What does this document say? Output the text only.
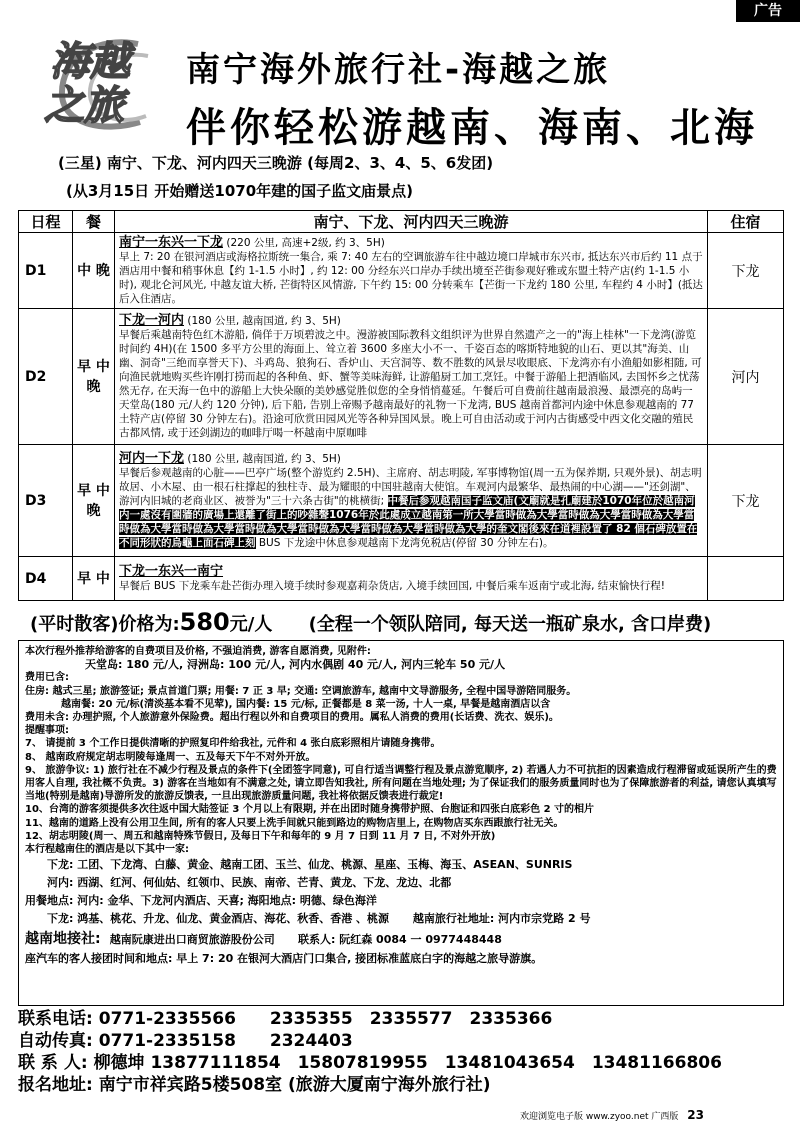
广告
海越
之旅
南宁海外旅行社-海越之旅
伴你轻松游越南、海南、北海
(三星) 南宁、下龙、河内四天三晚游 (每周2、3、4、5、6发团)
(从3月15日 开始赠送1070年建的国子监文庙景点)
日程	餐	南宁、下龙、河内四天三晚游	住宿
D1	中 晚	南宁一东兴一下龙 (220 公里, 高速+2级, 约 3、5H)
早上 7: 20 在银河酒店或海格拉斯统一集合, 乘 7: 40 左右的空调旅游车往中越边境口岸城市东兴市, 抵达东兴市后约 11 点于酒店用中餐和稍事休息【约 1-1.5 小时】, 约 12: 00 分经东兴口岸办手续出境至芒街参观好雅或东盟土特产店(约 1-1.5 小时), 观北仑河风光, 中越友谊大桥, 芒街特区风情游, 下午约 15: 00 分转乘车【芒街一下龙约 180 公里, 车程约 4 小时】(抵达后入住酒店。	下龙
D2	早 中 晚	下龙一河内 (180 公里, 越南国道, 约 3、5H)
早餐后乘越南特色红木游船, 倘佯于万顷碧波之中。漫游被国际教科文组织评为世界自然遗产之一的"海上桂林"一下龙湾(游览时间约 4H)(在 1500 多平方公里的海面上、耸立着 3600 多座大小不一、千姿百态的喀斯特地貌的山石、更以其"海美、山幽、洞奇"三绝而享誉天下)、斗鸡岛、狼狗石、香炉山、天宫洞等、数不胜数的风景尽收眼底、下龙湾亦有小渔船如影相随, 可向渔民就地购买些许刚打捞而起的各种鱼、虾、蟹等美味海鲜, 让游船厨工加工烹饪。中餐于游船上把酒临风, 去国怀乡之忧荡然无存, 在天海一色中的游船上大快朵颐的美妙感觉胜似您的全身悄悄蔓延。午餐后可自费前往越南最浪漫、最漂亮的岛屿一天堂岛(180 元/人约 120 分钟), 后下船, 告别上帝赐予越南最好的礼物一下龙湾, BUS 越南首都河内途中休息参观越南的 77 土特产店(停留 30 分钟左右)。沿途可欣赏田园风光等各种异国风景。晚上可自由活动或于河内古街感受中西文化交融的殖民古都风情, 或于还剑湖边的咖啡厅喝一杯越南中原咖啡	河内
D3	早 中 晚	河内一下龙 (180 公里, 越南国道, 约 3、5H)
早餐后参观越南的心脏——巴亭广场(整个游览约 2.5H)、主席府、胡志明陵, 军事博物馆(周一五为保养期, 只观外景)、胡志明故居、小木屋、由一根石柱撑起的独柱寺、最为耀眼的中国驻越南大使馆。车观河内最繁华、最热闹的中心湖——"还剑湖"、游河内旧城的老商业区、被誉为"三十六条古街"的桃横街; 中餐后参观越南国子监文庙(文廟就是孔廟建於1070年位於越南河内一處沒有圍牆的廣場上還離了街上的吵雜聲1076年於此處成立越南第一所大學當時做為大學當時做為大學當時做為大學當時做為大學當時做為大學當時做為大學當時做為大學當時做為大學當時做為大學的奎文閣後來在道裡設置了 82 個石碑放置在不同形狀的烏龜上面石碑上刻 BUS 下龙途中休息参观越南下龙湾免税店(停留 30 分钟左右)。	下龙
D4	早 中	下龙一东兴一南宁
早餐后 BUS 下龙乘车赴芒街办理入境手续时参观嘉莉杂货店, 入境手续回国, 中餐后乘车返南宁或北海, 结束愉快行程!	
(平时散客)价格为:580元/人 (全程一个领队陪同, 每天送一瓶矿泉水, 含口岸费)
本次行程外推荐给游客的自费项目及价格, 不强迫消费, 游客自愿消费, 见附件:
天堂岛: 180 元/人, 浔洲岛: 100 元/人, 河内水偶剧 40 元/人, 河内三轮车 50 元/人
费用已含:
住房: 越式三星; 旅游签证; 景点首道门票; 用餐: 7 正 3 早; 交通: 空调旅游车, 越南中文导游服务, 全程中国导游陪同服务。
越南餐: 20 元/标(清淡基本看不见荤), 国内餐: 15 元/标, 正餐都是 8 菜一汤, 十人一桌, 早餐是越南酒店以含
费用未含: 办理护照, 个人旅游意外保险费。超出行程以外和自费项目的费用。属私人消费的费用(长话费、洗衣、娱乐)。
提醒事项:
7、 请提前 3 个工作日提供清晰的护照复印件给我社, 元件和 4 张白底彩照相片请随身携带。
8、 越南政府规定胡志明陵每逢周一、五及每天下午不对外开放。
9、 旅游争议: 1) 旅行社在不减少行程及景点的条件下(全团签字同意), 可自行适当调整行程及景点游览顺序, 2) 若遇人力不可抗拒的因素造成行程滞留或延误所产生的费用客人自理, 我社概不负责。3) 游客在当地如有不满意之处, 请立即告知我社, 所有问题在当地处理; 为了保证我们的服务质量同时也为了保障旅游者的利益, 请您认真填写当地(特别是越南)导游所发的旅游反馈表, 一旦出现旅游质量问题, 我社将依据反馈表进行裁定!
10、台湾的游客须提供多次往返中国大陆签证 3 个月以上有限期, 并在出团时随身携带护照、台胞证和四张白底彩色 2 寸的相片
11、越南的道路上没有公用卫生间, 所有的客人只要上洗手间就只能到路边的购物店里上, 在购物店买东西跟旅行社无关。
12、胡志明陵(周一、周五和越南特殊节假日, 及每日下午和每年的 9 月 7 日到 11 月 7 日, 不对外开放)
本行程越南住的酒店是以下其中一家:
下龙: 工团、下龙湾、白藤、黄金、越南工团、玉兰、仙龙、桃源、星座、玉梅、海玉、ASEAN、SUNRIS
河内: 西湖、红河、何仙姑、红领巾、民族、南帝、芒青、黄龙、下龙、龙边、北都
用餐地点: 河内: 金华、下龙河内酒店、天喜; 海阳地点: 明德、绿色海洋
下龙: 鸿基、桃花、升龙、仙龙、黄金酒店、海花、秋香、香港 、桃源 越南旅行社地址: 河内市宗党路 2 号
越南地接社: 越南阮康进出口商贸旅游股份公司 联系人: 阮红森 0084 一 0977448448
座汽车的客人接团时间和地点: 早上 7: 20 在银河大酒店门口集合, 接团标准蓝底白字的海越之旅导游旗。
联系电话: 0771-2335566　　2335355　2335577　2335366
自动传真: 0771-2335158　　2324403
联 系 人: 柳德坤 13877111854　15807819955　13481043654　13481166806
报名地址: 南宁市祥宾路5楼508室 (旅游大厦南宁海外旅行社)
欢迎浏览电子版 www.zyoo.net 广西版 23
